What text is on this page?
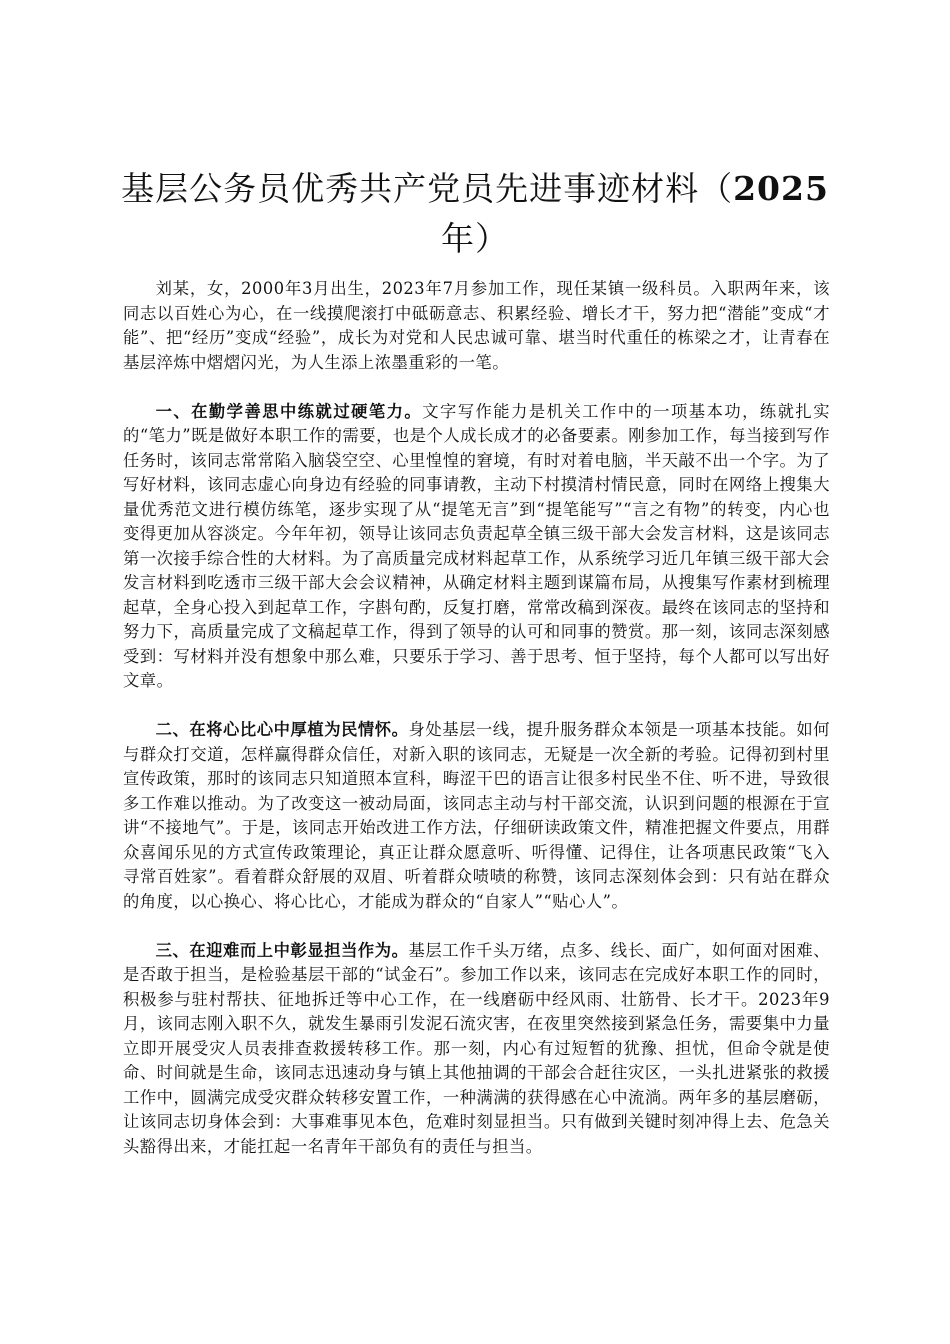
基层公务员优秀共产党员先进事迹材料（2025年）

刘某，女，2000年3月出生，2023年7月参加工作，现任某镇一级科员。入职两年来，该同志以百姓心为心，在一线摸爬滚打中砥砺意志、积累经验、增长才干，努力把“潜能”变成“才能”、把“经历”变成“经验”，成长为对党和人民忠诚可靠、堪当时代重任的栋梁之才，让青春在基层淬炼中熠熠闪光，为人生添上浓墨重彩的一笔。

一、在勤学善思中练就过硬笔力。文字写作能力是机关工作中的一项基本功，练就扎实的“笔力”既是做好本职工作的需要，也是个人成长成才的必备要素。刚参加工作，每当接到写作任务时，该同志常常陷入脑袋空空、心里惶惶的窘境，有时对着电脑，半天敲不出一个字。为了写好材料，该同志虚心向身边有经验的同事请教，主动下村摸清村情民意，同时在网络上搜集大量优秀范文进行模仿练笔，逐步实现了从“提笔无言”到“提笔能写”“言之有物”的转变，内心也变得更加从容淡定。今年年初，领导让该同志负责起草全镇三级干部大会发言材料，这是该同志第一次接手综合性的大材料。为了高质量完成材料起草工作，从系统学习近几年镇三级干部大会发言材料到吃透市三级干部大会会议精神，从确定材料主题到谋篇布局，从搜集写作素材到梳理起草，全身心投入到起草工作，字斟句酌，反复打磨，常常改稿到深夜。最终在该同志的坚持和努力下，高质量完成了文稿起草工作，得到了领导的认可和同事的赞赏。那一刻，该同志深刻感受到：写材料并没有想象中那么难，只要乐于学习、善于思考、恒于坚持，每个人都可以写出好文章。

二、在将心比心中厚植为民情怀。身处基层一线，提升服务群众本领是一项基本技能。如何与群众打交道，怎样赢得群众信任，对新入职的该同志，无疑是一次全新的考验。记得初到村里宣传政策，那时的该同志只知道照本宣科，晦涩干巴的语言让很多村民坐不住、听不进，导致很多工作难以推动。为了改变这一被动局面，该同志主动与村干部交流，认识到问题的根源在于宣讲“不接地气”。于是，该同志开始改进工作方法，仔细研读政策文件，精准把握文件要点，用群众喜闻乐见的方式宣传政策理论，真正让群众愿意听、听得懂、记得住，让各项惠民政策“飞入寻常百姓家”。看着群众舒展的双眉、听着群众啧啧的称赞，该同志深刻体会到：只有站在群众的角度，以心换心、将心比心，才能成为群众的“自家人”“贴心人”。

三、在迎难而上中彰显担当作为。基层工作千头万绪，点多、线长、面广，如何面对困难、是否敢于担当，是检验基层干部的“试金石”。参加工作以来，该同志在完成好本职工作的同时，积极参与驻村帮扶、征地拆迁等中心工作，在一线磨砺中经风雨、壮筋骨、长才干。2023年9月，该同志刚入职不久，就发生暴雨引发泥石流灾害，在夜里突然接到紧急任务，需要集中力量立即开展受灾人员表排查救援转移工作。那一刻，内心有过短暂的犹豫、担忧，但命令就是使命、时间就是生命，该同志迅速动身与镇上其他抽调的干部会合赶往灾区，一头扎进紧张的救援工作中，圆满完成受灾群众转移安置工作，一种满满的获得感在心中流淌。两年多的基层磨砺，让该同志切身体会到：大事难事见本色，危难时刻显担当。只有做到关键时刻冲得上去、危急关头豁得出来，才能扛起一名青年干部负有的责任与担当。
